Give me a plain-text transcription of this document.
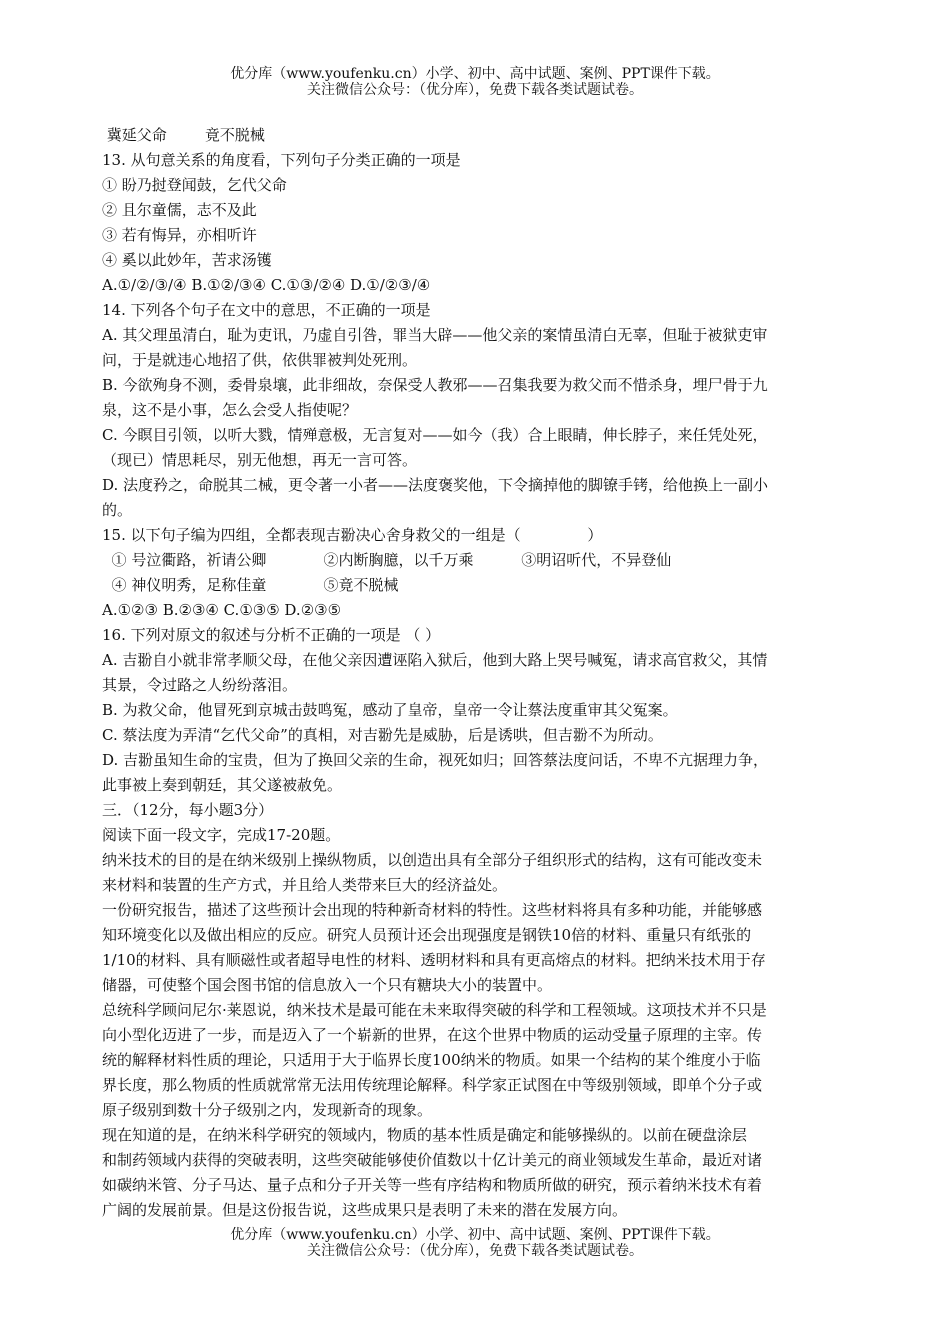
优分库（www.youfenku.cn）小学、初中、高中试题、案例、PPT课件下载。
关注微信公众号：（优分库），免费下载各类试题试卷。

冀延父命        竟不脱械

13. 从句意关系的角度看，下列句子分类正确的一项是

① 盼乃挝登闻鼓，乞代父命

② 且尔童儒，志不及此

③ 若有悔异，亦相听许

④ 奚以此妙年，苦求汤镬

A.①/②/③/④ B.①②/③④ C.①③/②④ D.①/②③/④

14. 下列各个句子在文中的意思，不正确的一项是

A. 其父理虽清白，耻为吏讯，乃虚自引咎，罪当大辟——他父亲的案情虽清白无辜，但耻于被狱吏审

问，于是就违心地招了供，依供罪被判处死刑。

B. 今欲殉身不测，委骨泉壤，此非细故，奈保受人教邪——召集我要为救父而不惜杀身，埋尸骨于九

泉，这不是小事，怎么会受人指使呢？

C. 今瞑目引领，以听大戮，情殚意极，无言复对——如今（我）合上眼睛，伸长脖子，来任凭处死，

（现已）情思耗尽，别无他想，再无一言可答。

D. 法度矜之，命脱其二械，更令著一小者——法度褒奖他，下令摘掉他的脚镣手铐，给他换上一副小

的。

15. 以下句子编为四组，全都表现吉翂决心舍身救父的一组是（              ）

① 号泣衢路，祈请公卿            ②内断胸臆，以千万乘          ③明诏听代，不异登仙

④ 神仪明秀，足称佳童            ⑤竟不脱械

A.①②③ B.②③④ C.①③⑤ D.②③⑤

16. 下列对原文的叙述与分析不正确的一项是 （ ）

A. 吉翂自小就非常孝顺父母，在他父亲因遭诬陷入狱后，他到大路上哭号喊冤，请求高官救父，其情

其景，令过路之人纷纷落泪。

B. 为救父命，他冒死到京城击鼓鸣冤，感动了皇帝，皇帝一令让蔡法度重审其父冤案。

C. 蔡法度为弄清“乞代父命”的真相，对吉翂先是威胁，后是诱哄，但吉翂不为所动。

D. 吉翂虽知生命的宝贵，但为了换回父亲的生命，视死如归；回答蔡法度问话，不卑不亢据理力争，

此事被上奏到朝廷，其父遂被赦免。

三．（12分，每小题3分）

阅读下面一段文字，完成17-20题。

纳米技术的目的是在纳米级别上操纵物质，以创造出具有全部分子组织形式的结构，这有可能改变未

来材料和装置的生产方式，并且给人类带来巨大的经济益处。

一份研究报告，描述了这些预计会出现的特种新奇材料的特性。这些材料将具有多种功能，并能够感

知环境变化以及做出相应的反应。研究人员预计还会出现强度是钢铁10倍的材料、重量只有纸张的

1/10的材料、具有顺磁性或者超导电性的材料、透明材料和具有更高熔点的材料。把纳米技术用于存

储器，可使整个国会图书馆的信息放入一个只有糖块大小的装置中。

总统科学顾问尼尔·莱恩说，纳米技术是最可能在未来取得突破的科学和工程领域。这项技术并不只是

向小型化迈进了一步，而是迈入了一个崭新的世界，在这个世界中物质的运动受量子原理的主宰。传

统的解释材料性质的理论，只适用于大于临界长度100纳米的物质。如果一个结构的某个维度小于临

界长度，那么物质的性质就常常无法用传统理论解释。科学家正试图在中等级别领域，即单个分子或

原子级别到数十分子级别之内，发现新奇的现象。

现在知道的是，在纳米科学研究的领域内，物质的基本性质是确定和能够操纵的。以前在硬盘涂层

和制药领域内获得的突破表明，这些突破能够使价值数以十亿计美元的商业领域发生革命，最近对诸

如碳纳米管、分子马达、量子点和分子开关等一些有序结构和物质所做的研究，预示着纳米技术有着

广阔的发展前景。但是这份报告说，这些成果只是表明了未来的潜在发展方向。

优分库（www.youfenku.cn）小学、初中、高中试题、案例、PPT课件下载。
关注微信公众号：（优分库），免费下载各类试题试卷。
